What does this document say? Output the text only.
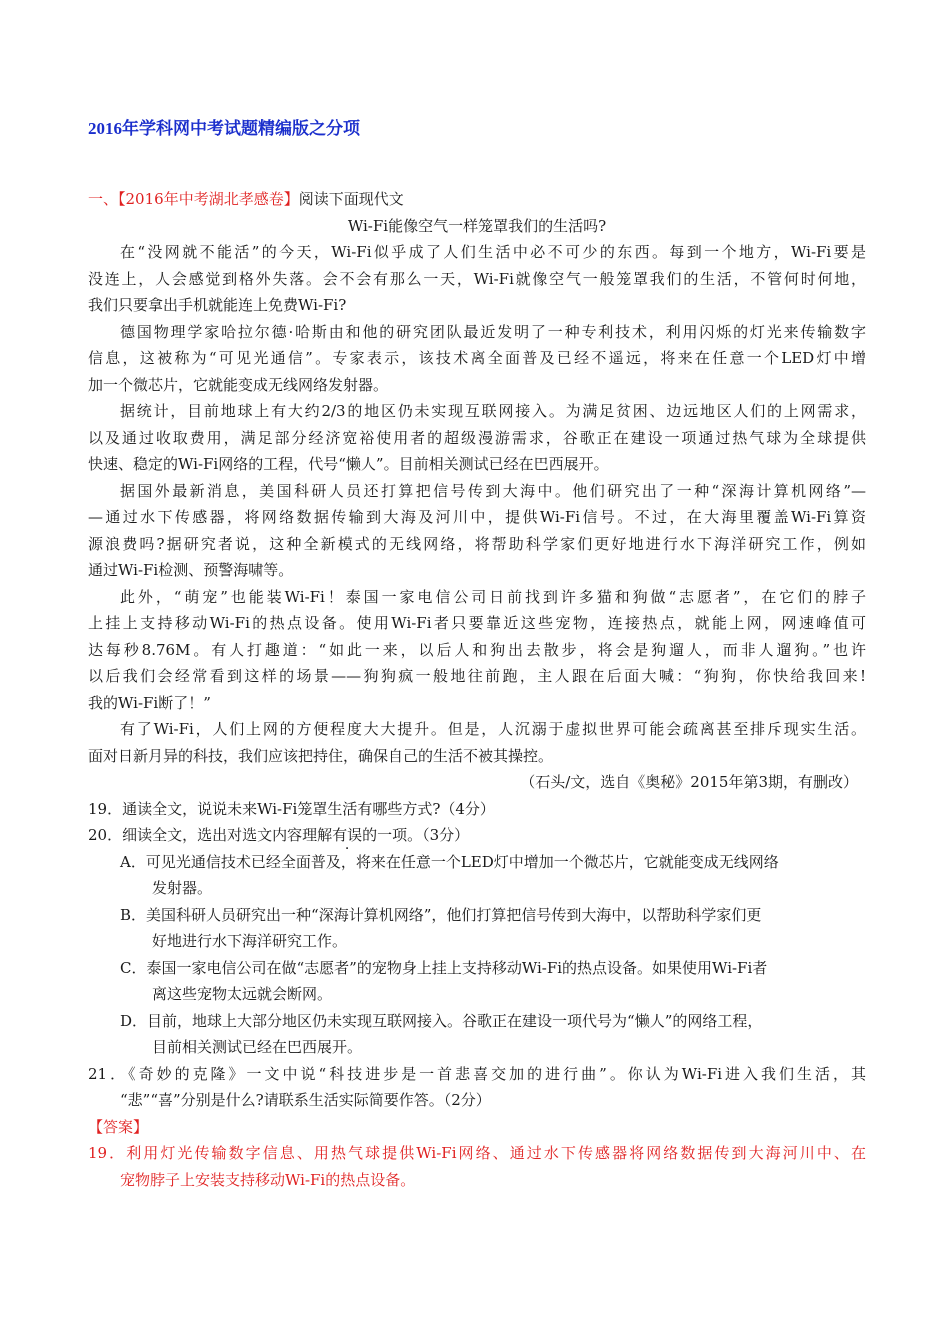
2016年学科网中考试题精编版之分项
一、【2016年中考湖北孝感卷】阅读下面现代文
Wi-Fi能像空气一样笼罩我们的生活吗?
在“没网就不能活”的今天，Wi-Fi似乎成了人们生活中必不可少的东西。每到一个地方，Wi-Fi要是
没连上，人会感觉到格外失落。会不会有那么一天，Wi-Fi就像空气一般笼罩我们的生活，不管何时何地，
我们只要拿出手机就能连上免费Wi-Fi?
德国物理学家哈拉尔德·哈斯由和他的研究团队最近发明了一种专利技术，利用闪烁的灯光来传输数字
信息，这被称为“可见光通信”。专家表示，该技术离全面普及已经不遥远，将来在任意一个LED灯中增
加一个微芯片，它就能变成无线网络发射器。
据统计，目前地球上有大约2/3的地区仍未实现互联网接入。为满足贫困、边远地区人们的上网需求，
以及通过收取费用，满足部分经济宽裕使用者的超级漫游需求，谷歌正在建设一项通过热气球为全球提供
快速、稳定的Wi-Fi网络的工程，代号“懒人”。目前相关测试已经在巴西展开。
据国外最新消息，美国科研人员还打算把信号传到大海中。他们研究出了一种“深海计算机网络”—
—通过水下传感器，将网络数据传输到大海及河川中，提供Wi-Fi信号。不过，在大海里覆盖Wi-Fi算资
源浪费吗?据研究者说，这种全新模式的无线网络，将帮助科学家们更好地进行水下海洋研究工作，例如
通过Wi-Fi检测、预警海啸等。
此外，“萌宠”也能装Wi-Fi！泰国一家电信公司日前找到许多猫和狗做“志愿者”，在它们的脖子
上挂上支持移动Wi-Fi的热点设备。使用Wi-Fi者只要靠近这些宠物，连接热点，就能上网，网速峰值可
达每秒8.76M。有人打趣道：“如此一来，以后人和狗出去散步，将会是狗遛人，而非人遛狗。”也许
以后我们会经常看到这样的场景——狗狗疯一般地往前跑，主人跟在后面大喊：“狗狗，你快给我回来!
我的Wi-Fi断了！”
有了Wi-Fi，人们上网的方便程度大大提升。但是，人沉溺于虚拟世界可能会疏离甚至排斥现实生活。
面对日新月异的科技，我们应该把持住，确保自己的生活不被其操控。
（石头/文，选自《奥秘》2015年第3期，有删改）
19．通读全文，说说未来Wi-Fi笼罩生活有哪些方式?（4分）
20．细读全文，选出对选文内容理解有误的一项。（3分）
A．可见光通信技术已经全面普及，将来在任意一个LED灯中增加一个微芯片，它就能变成无线网络
发射器。
B．美国科研人员研究出一种“深海计算机网络”，他们打算把信号传到大海中，以帮助科学家们更
好地进行水下海洋研究工作。
C．泰国一家电信公司在做“志愿者”的宠物身上挂上支持移动Wi-Fi的热点设备。如果使用Wi-Fi者
离这些宠物太远就会断网。
D．目前，地球上大部分地区仍未实现互联网接入。谷歌正在建设一项代号为“懒人”的网络工程，
目前相关测试已经在巴西展开。
21．《奇妙的克隆》一文中说“科技进步是一首悲喜交加的进行曲”。你认为Wi-Fi进入我们生活，其
“悲”“喜”分别是什么?请联系生活实际简要作答。（2分）
【答案】
19．利用灯光传输数字信息、用热气球提供Wi-Fi网络、通过水下传感器将网络数据传到大海河川中、在
宠物脖子上安装支持移动Wi-Fi的热点设备。
